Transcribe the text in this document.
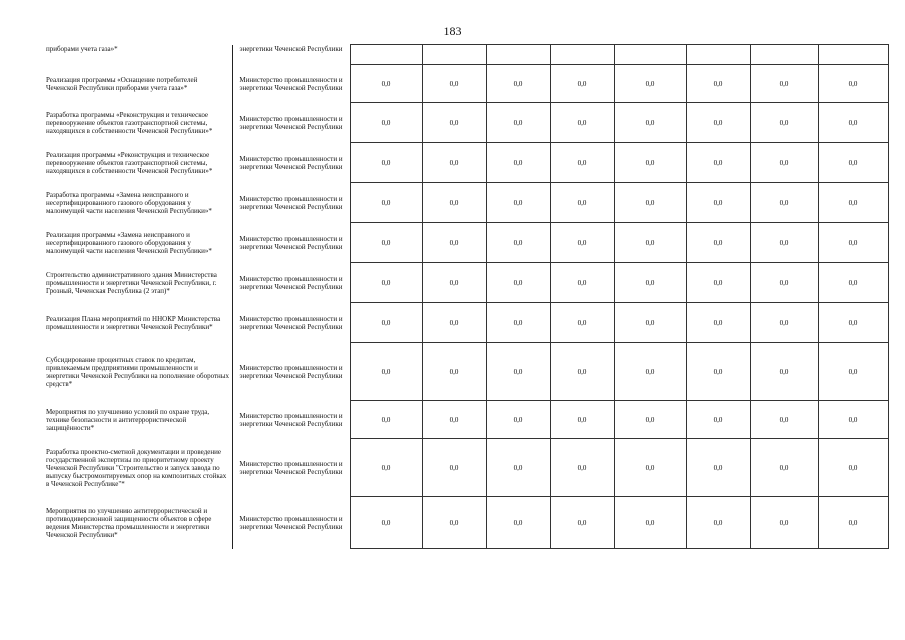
183
приборами учета газа»*	энергетики Чеченской Республики								
Реализация программы «Оснащение потребителей Чеченской Республики приборами учета газа»*	Министерство промышленности и энергетики Чеченской Республики	0,0	0,0	0,0	0,0	0,0	0,0	0,0	0,0
Разработка программы «Реконструкция и техническое перевооружение объектов газотранспортной системы, находящихся в собственности Чеченской Республики»*	Министерство промышленности и энергетики Чеченской Республики	0,0	0,0	0,0	0,0	0,0	0,0	0,0	0,0
Реализация программы «Реконструкция и техническое перевооружение объектов газотранспортной системы, находящихся в собственности Чеченской Республики»*	Министерство промышленности и энергетики Чеченской Республики	0,0	0,0	0,0	0,0	0,0	0,0	0,0	0,0
Разработка программы «Замена неисправного и несертифицированного газового оборудования у малоимущей части населения Чеченской Республики»*	Министерство промышленности и энергетики Чеченской Республики	0,0	0,0	0,0	0,0	0,0	0,0	0,0	0,0
Реализация программы «Замена неисправного и несертифицированного газового оборудования у малоимущей части населения Чеченской Республики»*	Министерство промышленности и энергетики Чеченской Республики	0,0	0,0	0,0	0,0	0,0	0,0	0,0	0,0
Строительство административного здания Министерства промышленности и энергетики Чеченской Республики, г. Грозный, Чеченская Республика (2 этап)*	Министерство промышленности и энергетики Чеченской Республики	0,0	0,0	0,0	0,0	0,0	0,0	0,0	0,0
Реализация Плана мероприятий по ННОКР Министерства промышленности и энергетики Чеченской Республики*	Министерство промышленности и энергетики Чеченской Республики	0,0	0,0	0,0	0,0	0,0	0,0	0,0	0,0
Субсидирование процентных ставок по кредитам, привлекаемым предприятиями промышленности и энергетики Чеченской Республики на пополнение оборотных средств*	Министерство промышленности и энергетики Чеченской Республики	0,0	0,0	0,0	0,0	0,0	0,0	0,0	0,0
Мероприятия по улучшению условий по охране труда, технике безопасности и антитеррористической защищённости*	Министерство промышленности и энергетики Чеченской Республики	0,0	0,0	0,0	0,0	0,0	0,0	0,0	0,0
Разработка проектно-сметной документации и проведение государственной экспертизы по приоритетному проекту Чеченской Республики "Строительство и запуск завода по выпуску быстромонтируемых опор на композитных стойках в Чеченской Республике"*	Министерство промышленности и энергетики Чеченской Республики	0,0	0,0	0,0	0,0	0,0	0,0	0,0	0,0
Мероприятия по улучшению антитеррористической и противодиверсионной защищенности объектов в сфере ведения Министерства промышленности и энергетики Чеченской Республики*	Министерство промышленности и энергетики Чеченской Республики	0,0	0,0	0,0	0,0	0,0	0,0	0,0	0,0
